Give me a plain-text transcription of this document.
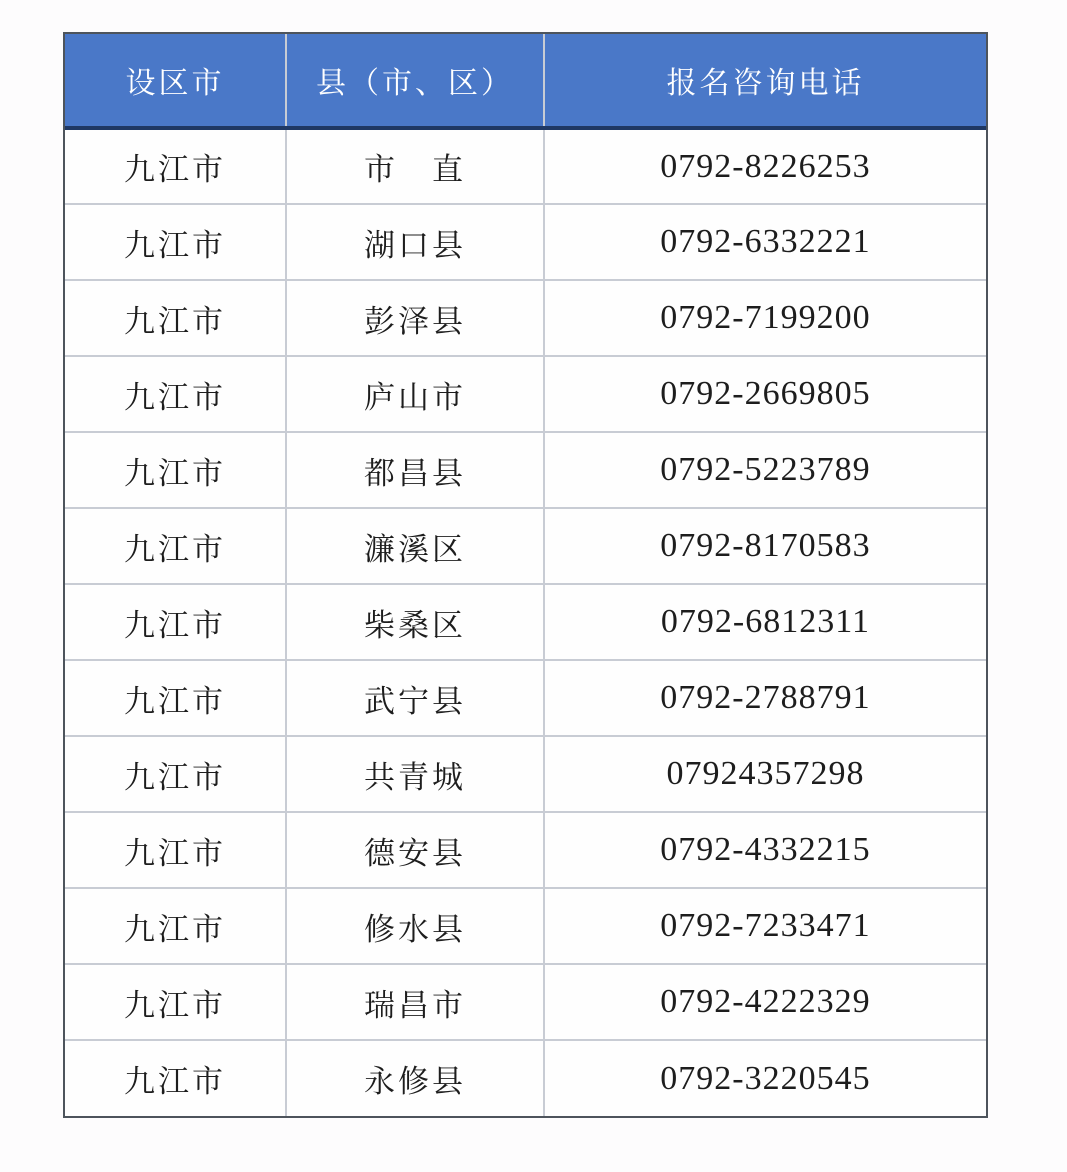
设区市	县（市、区）	报名咨询电话
九江市	市　直	0792-8226253
九江市	湖口县	0792-6332221
九江市	彭泽县	0792-7199200
九江市	庐山市	0792-2669805
九江市	都昌县	0792-5223789
九江市	濂溪区	0792-8170583
九江市	柴桑区	0792-6812311
九江市	武宁县	0792-2788791
九江市	共青城	07924357298
九江市	德安县	0792-4332215
九江市	修水县	0792-7233471
九江市	瑞昌市	0792-4222329
九江市	永修县	0792-3220545
